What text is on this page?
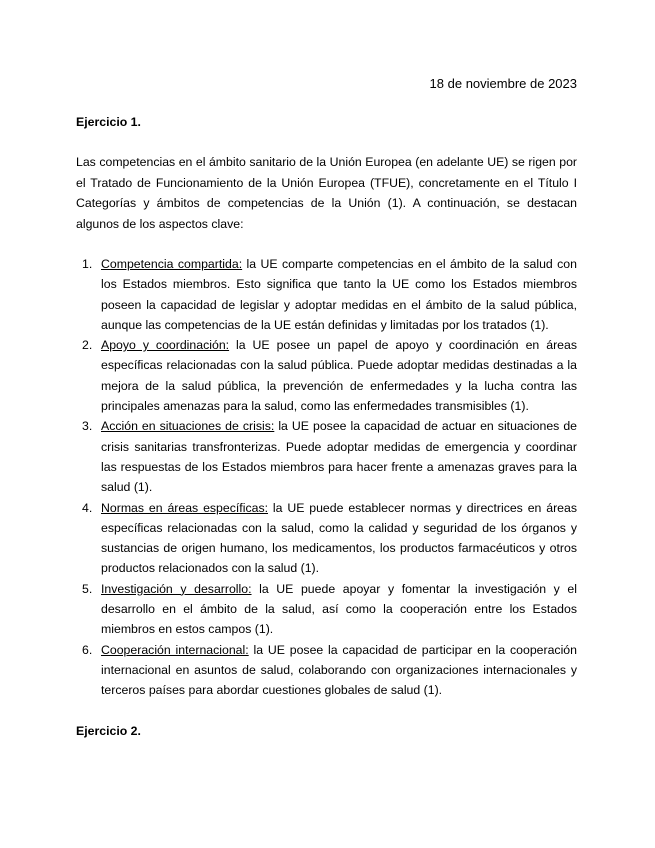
18 de noviembre de 2023
Ejercicio 1.

Las competencias en el ámbito sanitario de la Unión Europea (en adelante UE) se rigen por el Tratado de Funcionamiento de la Unión Europea (TFUE), concretamente en el Título I Categorías y ámbitos de competencias de la Unión (1). A continuación, se destacan algunos de los aspectos clave:

1. Competencia compartida: la UE comparte competencias en el ámbito de la salud con los Estados miembros. Esto significa que tanto la UE como los Estados miembros poseen la capacidad de legislar y adoptar medidas en el ámbito de la salud pública, aunque las competencias de la UE están definidas y limitadas por los tratados (1).
2. Apoyo y coordinación: la UE posee un papel de apoyo y coordinación en áreas específicas relacionadas con la salud pública. Puede adoptar medidas destinadas a la mejora de la salud pública, la prevención de enfermedades y la lucha contra las principales amenazas para la salud, como las enfermedades transmisibles (1).
3. Acción en situaciones de crisis: la UE posee la capacidad de actuar en situaciones de crisis sanitarias transfronterizas. Puede adoptar medidas de emergencia y coordinar las respuestas de los Estados miembros para hacer frente a amenazas graves para la salud (1).
4. Normas en áreas específicas: la UE puede establecer normas y directrices en áreas específicas relacionadas con la salud, como la calidad y seguridad de los órganos y sustancias de origen humano, los medicamentos, los productos farmacéuticos y otros productos relacionados con la salud (1).
5. Investigación y desarrollo: la UE puede apoyar y fomentar la investigación y el desarrollo en el ámbito de la salud, así como la cooperación entre los Estados miembros en estos campos (1).
6. Cooperación internacional: la UE posee la capacidad de participar en la cooperación internacional en asuntos de salud, colaborando con organizaciones internacionales y terceros países para abordar cuestiones globales de salud (1).
Ejercicio 2.
